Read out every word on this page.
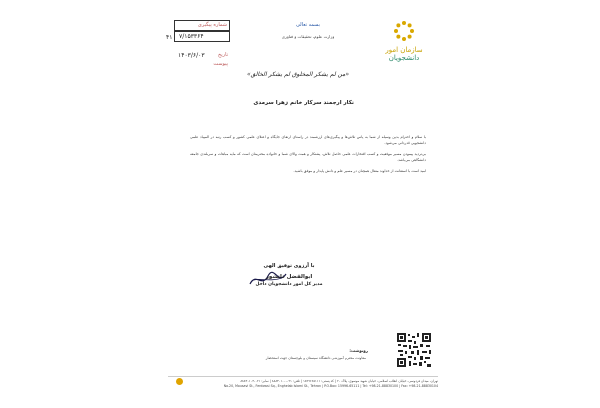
شماره پیگیری
۷/۱۵۳۳۶۴
۴۱
تاریخ
۱۴۰۳/۶/۰۳
پیوست
بسمه تعالی
وزارت علوم، تحقیقات و فناوری
سازمان امور
دانشجویان
«من لم یشکر المخلوق لم یشکر الخالق»
نکار ارجمند سرکار خانم زهرا سرمدی

با سلام و احترام بدین وسیله از شما به پاس تلاش‌ها و پیگیری‌های ارزشمند در راستای ارتقای جایگاه و اعتلای علمی کشور و کسب رتبه در المپیاد علمی دانشجویی قدردانی می‌شود.

بی‌تردید پیمودن مسیر موفقیت و کسب افتخارات علمی حاصل تلاش، پشتکار و همت والای شما و خانواده محترمتان است که مایه مباهات و سربلندی جامعه دانشگاهی می‌باشد.

امید است با استعانت از خداوند متعال همچنان در مسیر علم و دانش پایدار و موفق باشید.

با آرزوی توفیق الهی
ابوالفضل دانشور
مدیر کل امور دانشجویان داخل
رونوشت:
معاونت محترم آموزشی دانشگاه سیستان و بلوچستان جهت استحضار
تهران، میدان فردوسی، خیابان انقلاب اسلامی، خیابان شهید موسوی، پلاک ۲۰ | کد پستی: ۱۵۹۹۶۶۵۱۱۱ | تلفن: ۰۲۱-۸۸۸۳۰۱۰۰ | نمابر: ۰۲۱-۸۸۸۳۰۱۰۴
No.20, Mousavi St., Ferdowsi Sq., Enghelab Islami St., Tehran | P.O.Box: 15996-65111 | Tel: +98-21-88830100 | Fax: +98-21-88830104
